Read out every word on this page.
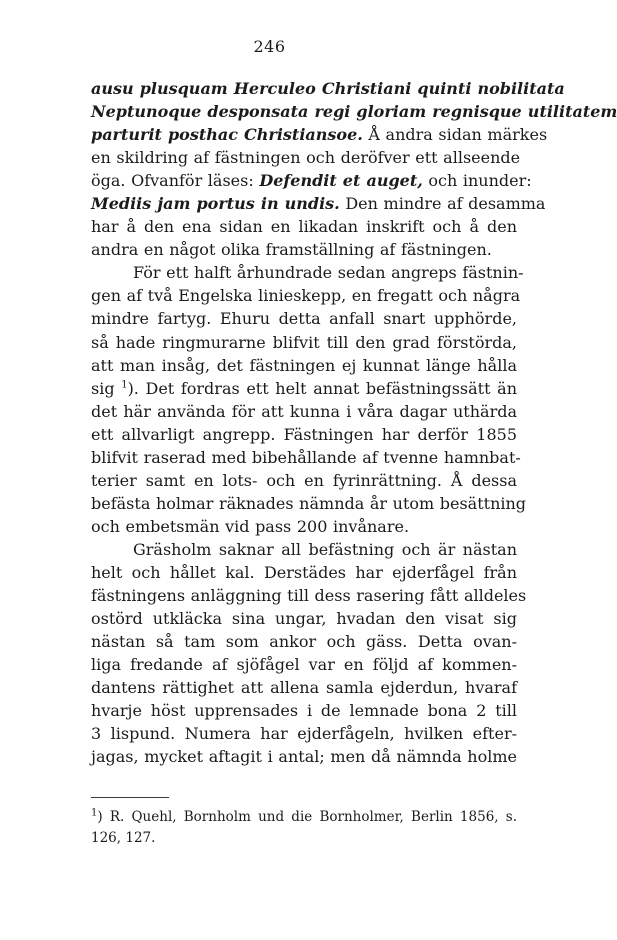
246
ausu plusquam Herculeo Christiani quinti nobilitata
Neptunoque desponsata regi gloriam regnisque utilitatem
parturit posthac Christiansoe. Å andra sidan märkes
en skildring af fästningen och deröfver ett allseende
öga. Ofvanför läses: Defendit et auget, och inunder:
Mediis jam portus in undis. Den mindre af desamma
har å den ena sidan en likadan inskrift och å den
andra en något olika framställning af fästningen.
För ett halft århundrade sedan angreps fästnin-
gen af två Engelska linieskepp, en fregatt och några
mindre fartyg. Ehuru detta anfall snart upphörde,
så hade ringmurarne blifvit till den grad förstörda,
att man insåg, det fästningen ej kunnat länge hålla
sig $^1$). Det fordras ett helt annat befästningssätt än
det här använda för att kunna i våra dagar uthärda
ett allvarligt angrepp. Fästningen har derför 1855
blifvit raserad med bibehållande af tvenne hamnbat-
terier samt en lots- och en fyrinrättning. Å dessa
befästa holmar räknades nämnda år utom besättning
och embetsmän vid pass 200 invånare.
Gräsholm saknar all befästning och är nästan
helt och hållet kal. Derstädes har ejderfågel från
fästningens anläggning till dess rasering fått alldeles
ostörd utkläcka sina ungar, hvadan den visat sig
nästan så tam som ankor och gäss. Detta ovan-
liga fredande af sjöfågel var en följd af kommen-
dantens rättighet att allena samla ejderdun, hvaraf
hvarje höst upprensades i de lemnade bona 2 till
3 lispund. Numera har ejderfågeln, hvilken efter-
jagas, mycket aftagit i antal; men då nämnda holme
$^1$) R. Quehl, Bornholm und die Bornholmer, Berlin 1856, s.
126, 127.
